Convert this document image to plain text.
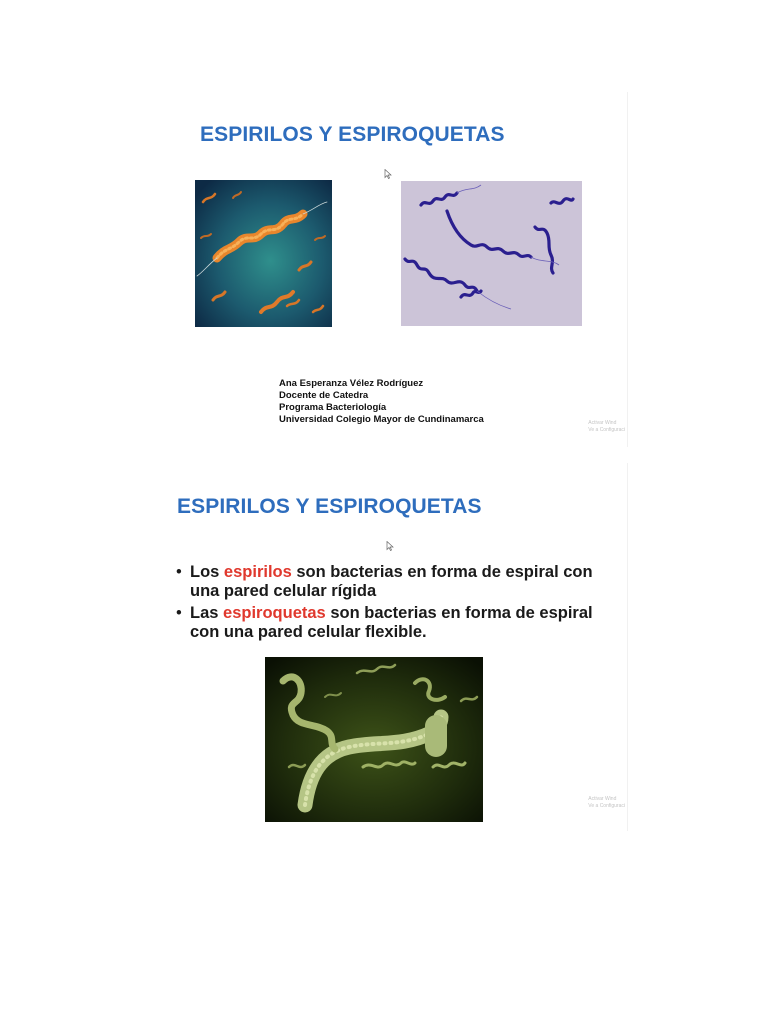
ESPIRILOS Y ESPIROQUETAS
Ana Esperanza Vélez Rodríguez
Docente de Catedra
Programa Bacteriología
Universidad Colegio Mayor de Cundinamarca	Activar Wind
Ve a Configuraci
ESPIRILOS Y ESPIROQUETAS
• Los espirilos son bacterias en forma de espiral con una pared celular rígida
• Las espiroquetas son bacterias en forma de espiral con una pared celular flexible.
Activar Wind
Ve a Configuraci
